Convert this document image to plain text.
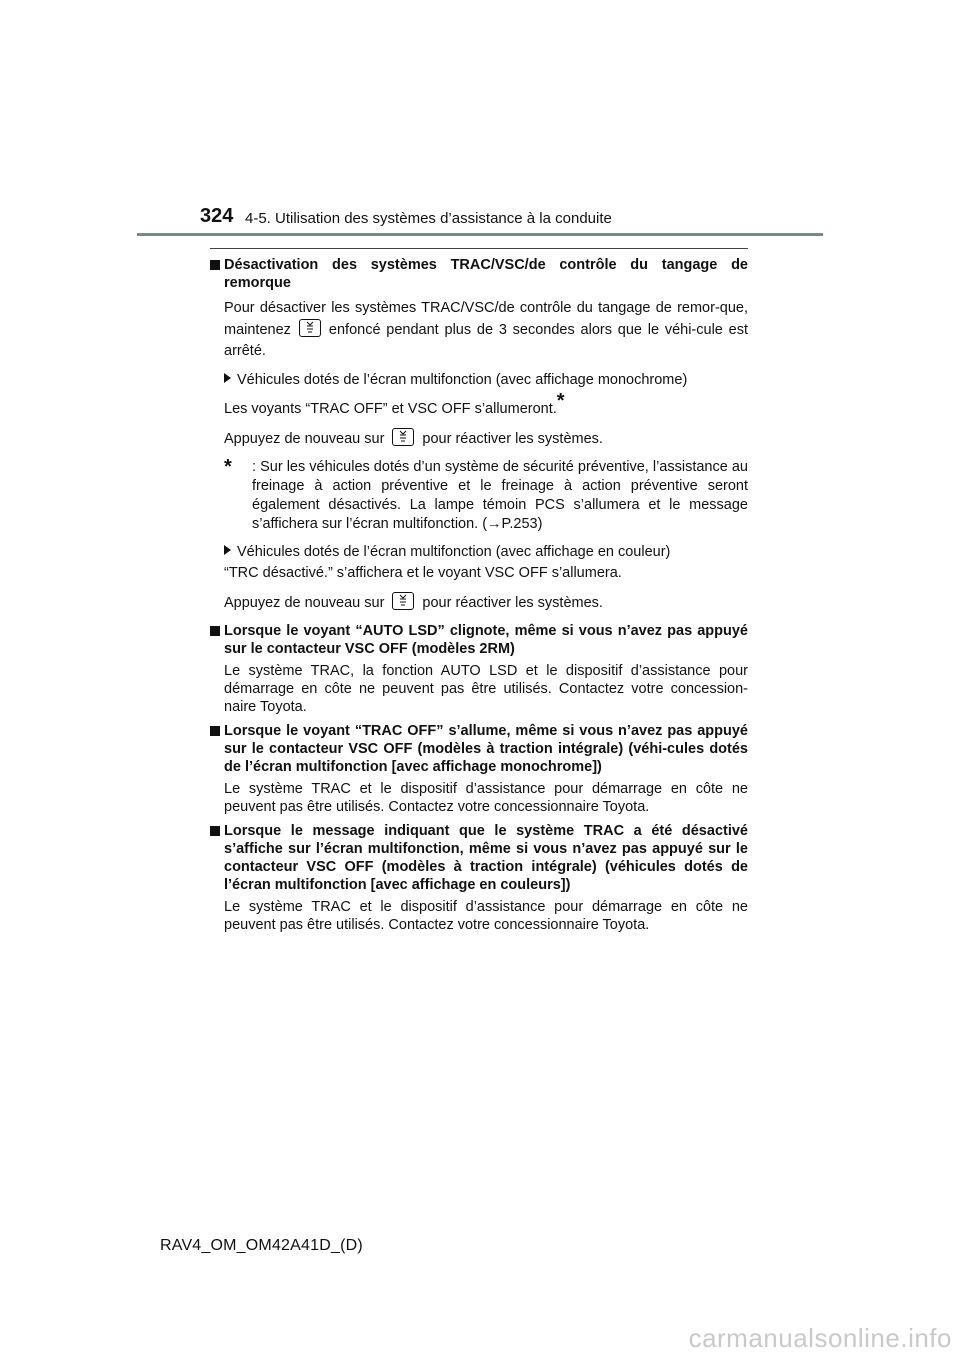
324 4-5. Utilisation des systèmes d’assistance à la conduite
Désactivation des systèmes TRAC/VSC/de contrôle du tangage de remorque
Pour désactiver les systèmes TRAC/VSC/de contrôle du tangage de remor-que, maintenez	enfoncé pendant plus de 3 secondes alors que le véhi-cule est arrêté.
Véhicules dotés de l’écran multifonction (avec affichage monochrome)
Les voyants “TRAC OFF” et VSC OFF s’allumeront.*
Appuyez de nouveau sur	pour réactiver les systèmes.
*	: Sur les véhicules dotés d’un système de sécurité préventive, l’assistance au freinage à action préventive et le freinage à action préventive seront également désactivés. La lampe témoin PCS s’allumera et le message s’affichera sur l’écran multifonction. (→P.253)
Véhicules dotés de l’écran multifonction (avec affichage en couleur)
“TRC désactivé.” s’affichera et le voyant VSC OFF s’allumera.
Appuyez de nouveau sur	pour réactiver les systèmes.
Lorsque le voyant “AUTO LSD” clignote, même si vous n’avez pas appuyé sur le contacteur VSC OFF (modèles 2RM)
Le système TRAC, la fonction AUTO LSD et le dispositif d’assistance pour démarrage en côte ne peuvent pas être utilisés. Contactez votre concession-naire Toyota.
Lorsque le voyant “TRAC OFF” s’allume, même si vous n’avez pas appuyé sur le contacteur VSC OFF (modèles à traction intégrale) (véhi-cules dotés de l’écran multifonction [avec affichage monochrome])
Le système TRAC et le dispositif d’assistance pour démarrage en côte ne peuvent pas être utilisés. Contactez votre concessionnaire Toyota.
Lorsque le message indiquant que le système TRAC a été désactivé s’affiche sur l’écran multifonction, même si vous n’avez pas appuyé sur le contacteur VSC OFF (modèles à traction intégrale) (véhicules dotés de l’écran multifonction [avec affichage en couleurs])
Le système TRAC et le dispositif d’assistance pour démarrage en côte ne peuvent pas être utilisés. Contactez votre concessionnaire Toyota.
RAV4_OM_OM42A41D_(D)
carmanualsonline.info
